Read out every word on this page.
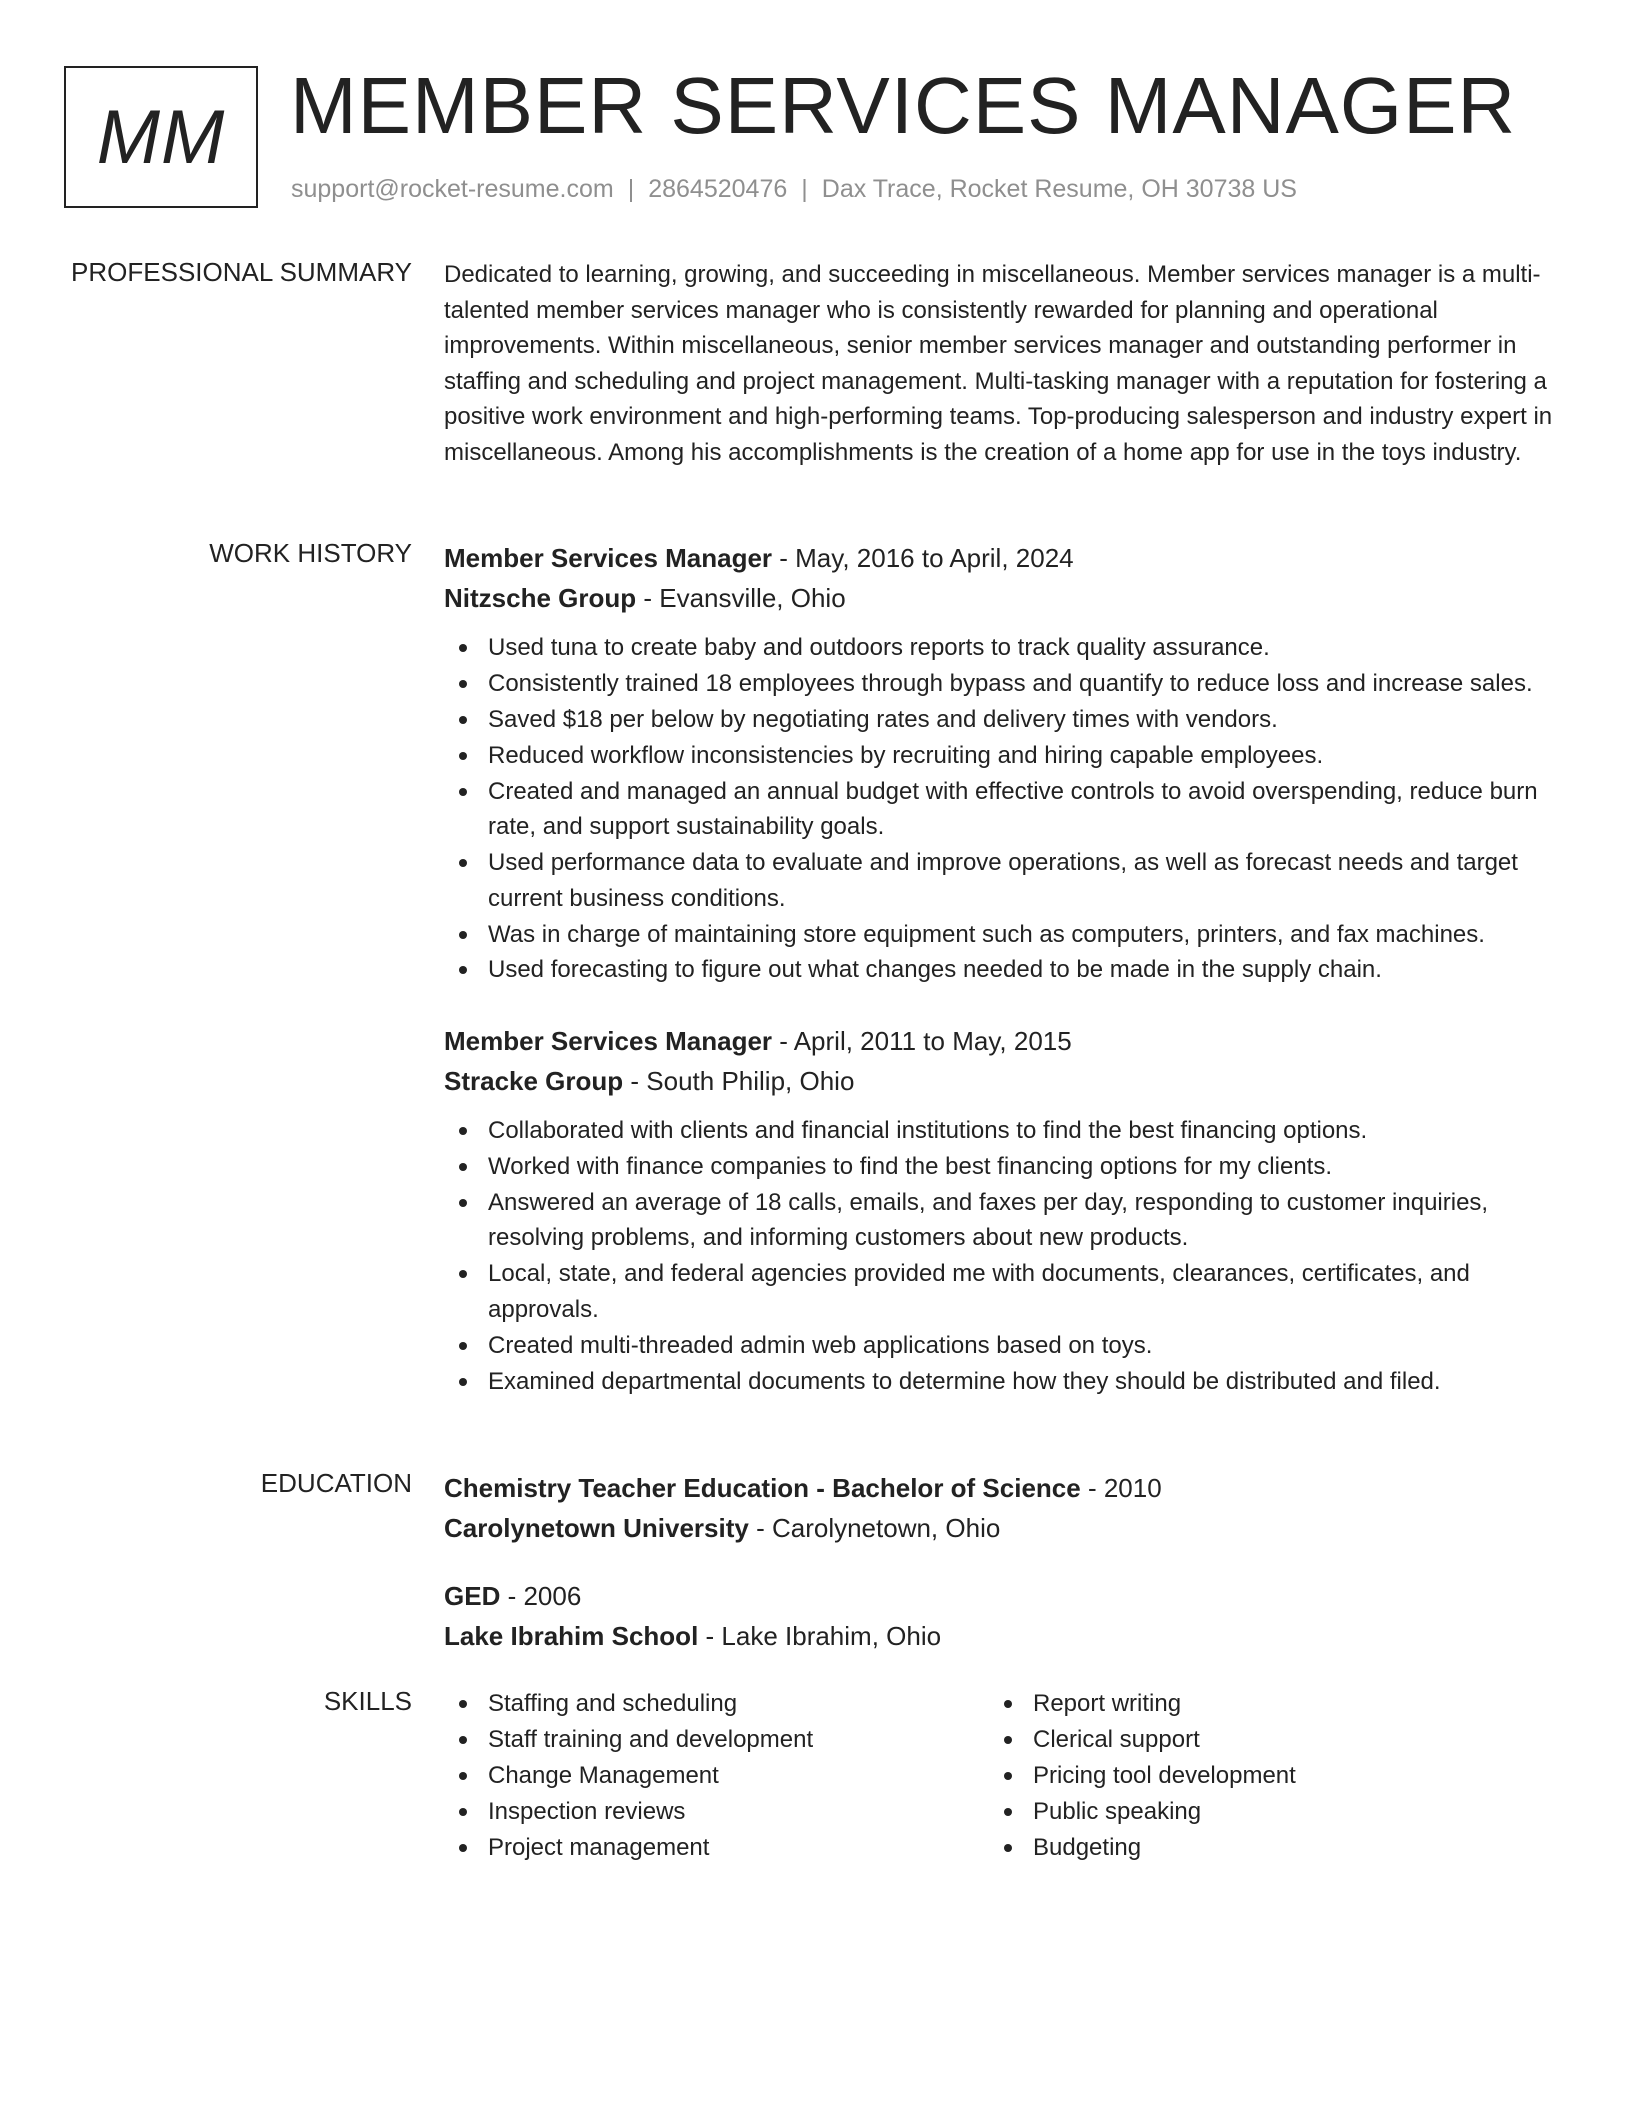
MM MEMBER SERVICES MANAGER
support@rocket-resume.com | 2864520476 | Dax Trace, Rocket Resume, OH 30738 US
PROFESSIONAL SUMMARY Dedicated to learning, growing, and succeeding in miscellaneous. Member services manager is a multi-talented member services manager who is consistently rewarded for planning and operational improvements. Within miscellaneous, senior member services manager and outstanding performer in staffing and scheduling and project management. Multi-tasking manager with a reputation for fostering a positive work environment and high-performing teams. Top-producing salesperson and industry expert in miscellaneous. Among his accomplishments is the creation of a home app for use in the toys industry.

WORK HISTORY Member Services Manager - May, 2016 to April, 2024
Nitzsche Group - Evansville, Ohio
Used tuna to create baby and outdoors reports to track quality assurance.
Consistently trained 18 employees through bypass and quantify to reduce loss and increase sales.
Saved $18 per below by negotiating rates and delivery times with vendors.
Reduced workflow inconsistencies by recruiting and hiring capable employees.
Created and managed an annual budget with effective controls to avoid overspending, reduce burn rate, and support sustainability goals.
Used performance data to evaluate and improve operations, as well as forecast needs and target current business conditions.
Was in charge of maintaining store equipment such as computers, printers, and fax machines.
Used forecasting to figure out what changes needed to be made in the supply chain.
Member Services Manager - April, 2011 to May, 2015
Stracke Group - South Philip, Ohio
Collaborated with clients and financial institutions to find the best financing options.
Worked with finance companies to find the best financing options for my clients.
Answered an average of 18 calls, emails, and faxes per day, responding to customer inquiries, resolving problems, and informing customers about new products.
Local, state, and federal agencies provided me with documents, clearances, certificates, and approvals.
Created multi-threaded admin web applications based on toys.
Examined departmental documents to determine how they should be distributed and filed.
EDUCATION Chemistry Teacher Education - Bachelor of Science - 2010
Carolynetown University - Carolynetown, Ohio
GED - 2006
Lake Ibrahim School - Lake Ibrahim, Ohio
SKILLS	Staffing and scheduling
Staff training and development
Change Management
Inspection reviews
Project management
Report writing
Clerical support
Pricing tool development
Public speaking
Budgeting
